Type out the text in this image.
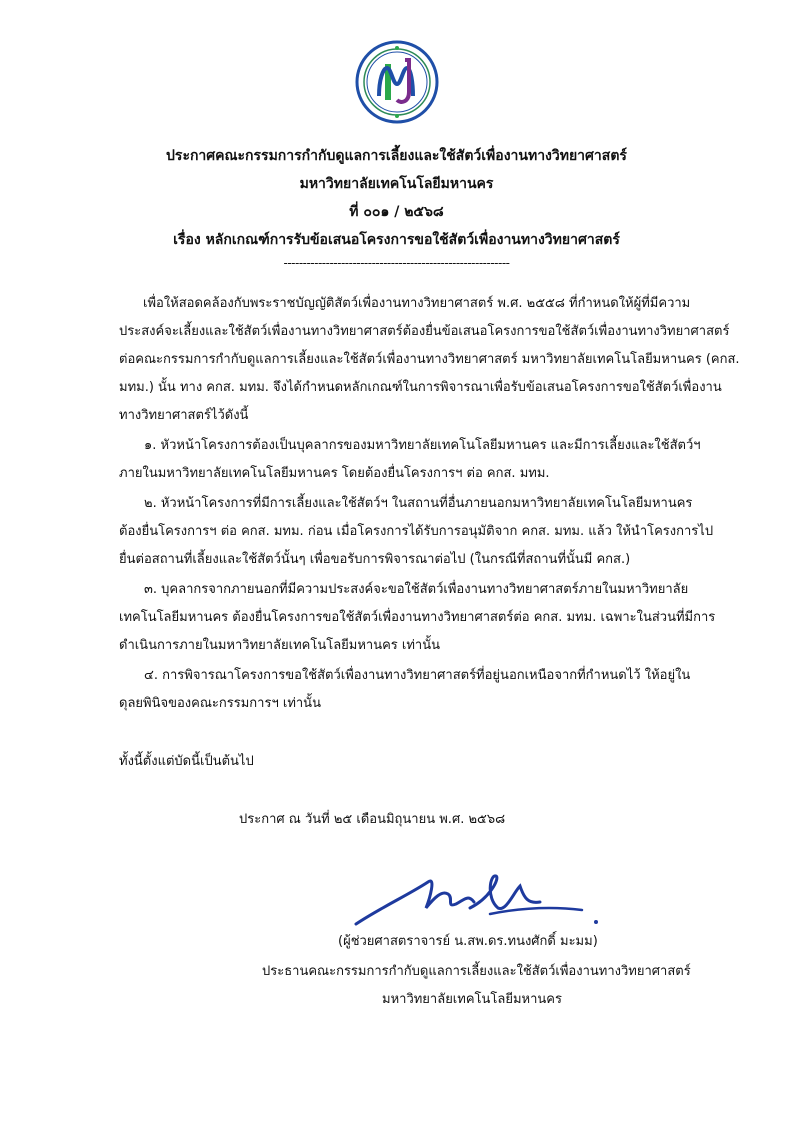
ประกาศคณะกรรมการกำกับดูแลการเลี้ยงและใช้สัตว์เพื่องานทางวิทยาศาสตร์
มหาวิทยาลัยเทคโนโลยีมหานคร
ที่ ๐๐๑ / ๒๕๖๘
เรื่อง หลักเกณฑ์การรับข้อเสนอโครงการขอใช้สัตว์เพื่องานทางวิทยาศาสตร์
-----------------------------------------------------------
เพื่อให้สอดคล้องกับพระราชบัญญัติสัตว์เพื่องานทางวิทยาศาสตร์ พ.ศ. ๒๕๕๘ ที่กำหนดให้ผู้ที่มีความ
ประสงค์จะเลี้ยงและใช้สัตว์เพื่องานทางวิทยาศาสตร์ต้องยื่นข้อเสนอโครงการขอใช้สัตว์เพื่องานทางวิทยาศาสตร์
ต่อคณะกรรมการกำกับดูแลการเลี้ยงและใช้สัตว์เพื่องานทางวิทยาศาสตร์ มหาวิทยาลัยเทคโนโลยีมหานคร (คกส.
มทม.) นั้น ทาง คกส. มทม. จึงได้กำหนดหลักเกณฑ์ในการพิจารณาเพื่อรับข้อเสนอโครงการขอใช้สัตว์เพื่องาน
ทางวิทยาศาสตร์ไว้ดังนี้
๑. หัวหน้าโครงการต้องเป็นบุคลากรของมหาวิทยาลัยเทคโนโลยีมหานคร และมีการเลี้ยงและใช้สัตว์ฯ
ภายในมหาวิทยาลัยเทคโนโลยีมหานคร โดยต้องยื่นโครงการฯ ต่อ คกส. มทม.
๒. หัวหน้าโครงการที่มีการเลี้ยงและใช้สัตว์ฯ ในสถานที่อื่นภายนอกมหาวิทยาลัยเทคโนโลยีมหานคร
ต้องยื่นโครงการฯ ต่อ คกส. มทม. ก่อน เมื่อโครงการได้รับการอนุมัติจาก คกส. มทม. แล้ว ให้นำโครงการไป
ยื่นต่อสถานที่เลี้ยงและใช้สัตว์นั้นๆ เพื่อขอรับการพิจารณาต่อไป (ในกรณีที่สถานที่นั้นมี คกส.)
๓. บุคลากรจากภายนอกที่มีความประสงค์จะขอใช้สัตว์เพื่องานทางวิทยาศาสตร์ภายในมหาวิทยาลัย
เทคโนโลยีมหานคร ต้องยื่นโครงการขอใช้สัตว์เพื่องานทางวิทยาศาสตร์ต่อ คกส. มทม. เฉพาะในส่วนที่มีการ
ดำเนินการภายในมหาวิทยาลัยเทคโนโลยีมหานคร เท่านั้น
๔. การพิจารณาโครงการขอใช้สัตว์เพื่องานทางวิทยาศาสตร์ที่อยู่นอกเหนือจากที่กำหนดไว้ ให้อยู่ใน
ดุลยพินิจของคณะกรรมการฯ เท่านั้น
ทั้งนี้ตั้งแต่บัดนี้เป็นต้นไป
ประกาศ ณ วันที่ ๒๕ เดือนมิถุนายน พ.ศ. ๒๕๖๘
(ผู้ช่วยศาสตราจารย์ น.สพ.ดร.ทนงศักดิ์ มะมม)
ประธานคณะกรรมการกำกับดูแลการเลี้ยงและใช้สัตว์เพื่องานทางวิทยาศาสตร์
มหาวิทยาลัยเทคโนโลยีมหานคร
